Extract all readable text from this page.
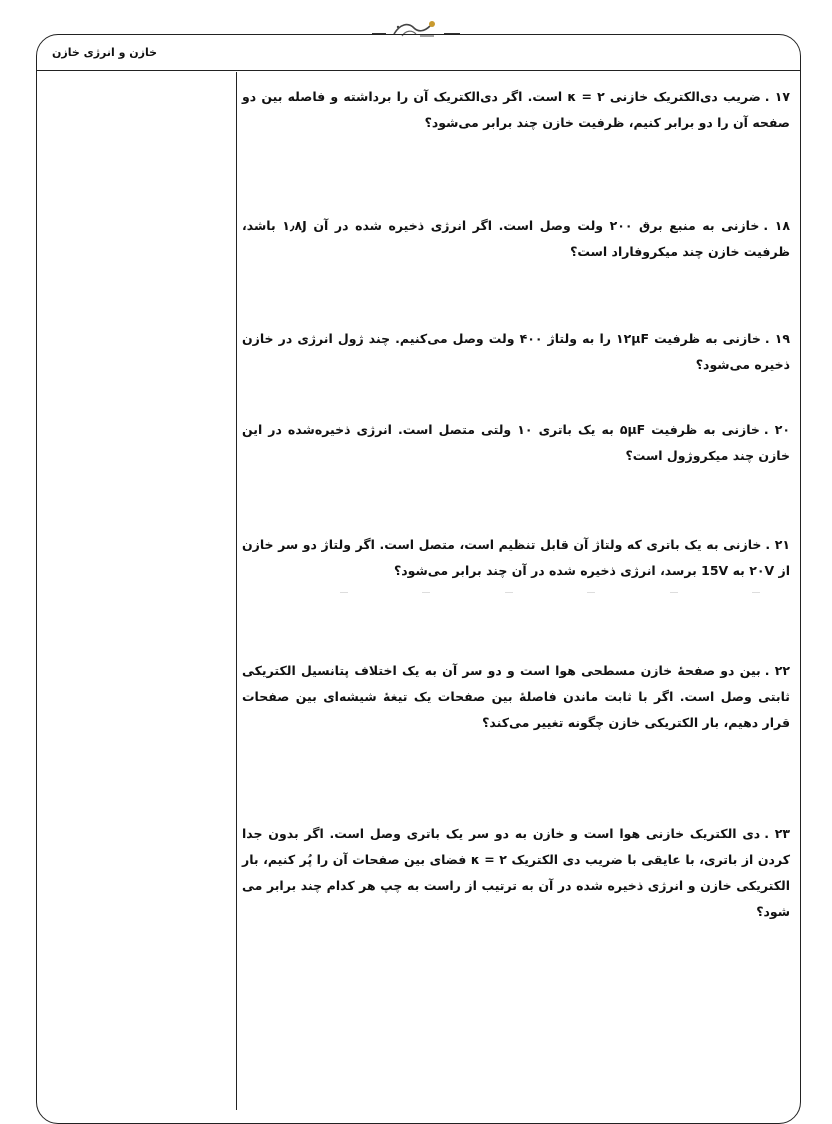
خازن و انرژی خازن
۱۷ .ضریب دی‌الکتریک خازنی κ = ۲ است. اگر دی‌الکتریک آن را برداشته و فاصله بین دو صفحه آن را دو برابر کنیم، ظرفیت خازن چند برابر می‌شود؟
۱۸ .خازنی به منبع برق ۲۰۰ ولت وصل است. اگر انرژی ذخیره شده در آن ۱٫۸J باشد، ظرفیت خازن چند میکروفاراد است؟
۱۹ .خازنی به ظرفیت ۱۲μF را به ولتاژ ۴۰۰ ولت وصل می‌کنیم. چند ژول انرژی در خازن ذخیره می‌شود؟
۲۰ .خازنی به ظرفیت ۵μF به یک باتری ۱۰ ولتی متصل است. انرژی ذخیره‌شده در این خازن چند میکروژول است؟
۲۱ .خازنی به یک باتری که ولتاژ آن قابل تنظیم است، متصل است. اگر ولتاژ دو سر خازن از ۲۰V به 15V برسد، انرژی ذخیره شده در آن چند برابر می‌شود؟
۲۲ .بین دو صفحهٔ خازن مسطحی هوا است و دو سر آن به یک اختلاف پتانسیل الکتریکی ثابتی وصل است. اگر با ثابت ماندن فاصلهٔ بین صفحات یک تیغهٔ شیشه‌ای بین صفحات قرار دهیم، بار الکتریکی خازن چگونه تغییر می‌کند؟
۲۳ .دی الکتریک خازنی هوا است و خازن به دو سر یک باتری وصل است. اگر بدون جدا کردن از باتری، با عایقی با ضریب دی الکتریک κ = ۲ فضای بین صفحات آن را پُر کنیم، بار الکتریکی خازن و انرژی ذخیره شده در آن به ترتیب از راست به چپ هر کدام چند برابر می شود؟
